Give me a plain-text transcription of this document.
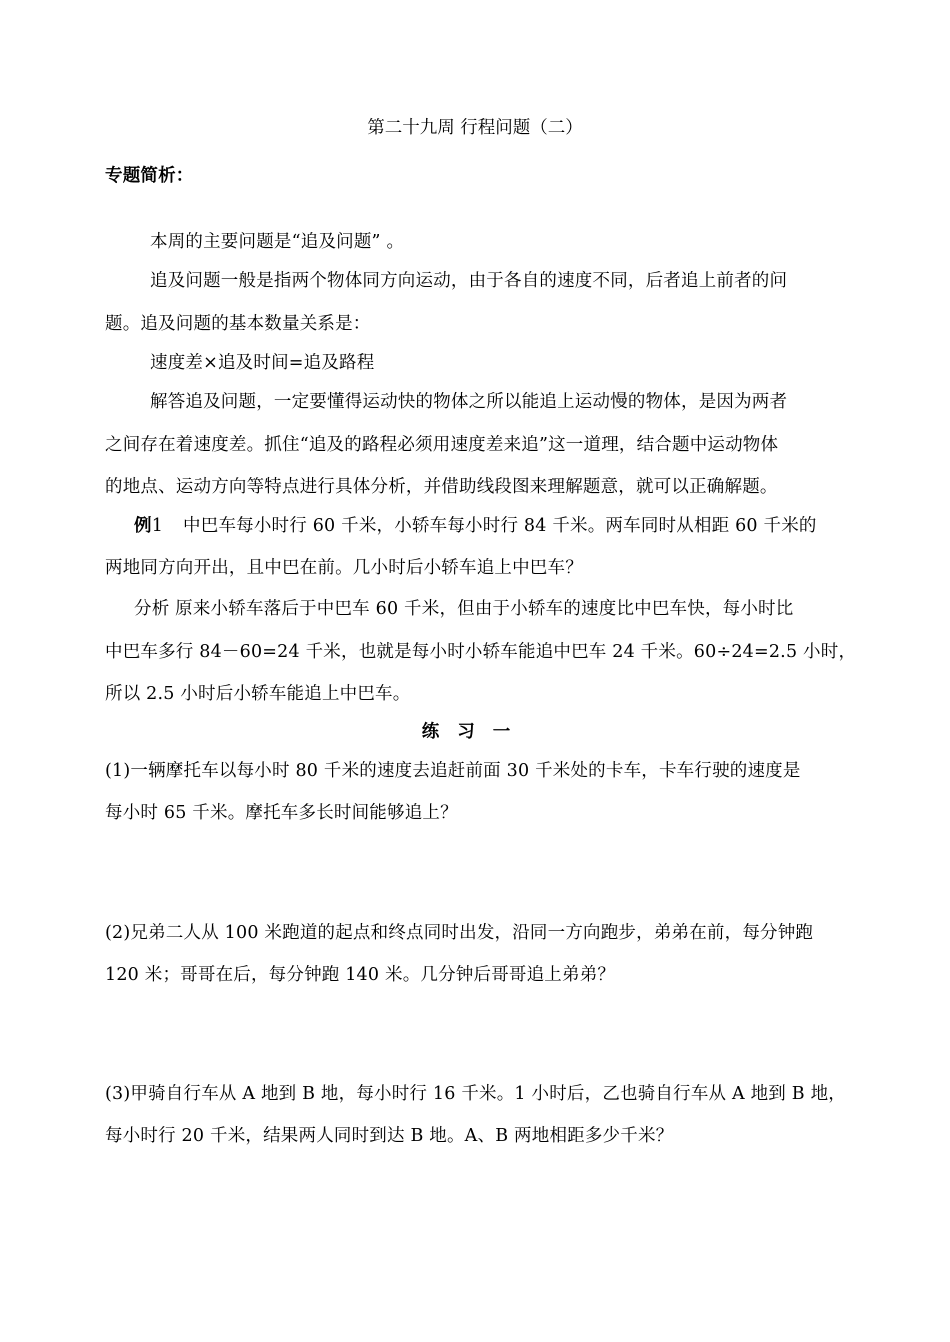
第二十九周 行程问题（二）
专题简析：
本周的主要问题是“追及问题” 。
追及问题一般是指两个物体同方向运动，由于各自的速度不同，后者追上前者的问
题。追及问题的基本数量关系是：
速度差×追及时间=追及路程
解答追及问题，一定要懂得运动快的物体之所以能追上运动慢的物体，是因为两者
之间存在着速度差。抓住“追及的路程必须用速度差来追”这一道理，结合题中运动物体
的地点、运动方向等特点进行具体分析，并借助线段图来理解题意，就可以正确解题。
例1 中巴车每小时行 60 千米，小轿车每小时行 84 千米。两车同时从相距 60 千米的
两地同方向开出，且中巴在前。几小时后小轿车追上中巴车？
分析 原来小轿车落后于中巴车 60 千米，但由于小轿车的速度比中巴车快，每小时比
中巴车多行 84－60=24 千米，也就是每小时小轿车能追中巴车 24 千米。60÷24=2.5 小时，
所以 2.5 小时后小轿车能追上中巴车。
练习一
(1)一辆摩托车以每小时 80 千米的速度去追赶前面 30 千米处的卡车，卡车行驶的速度是
每小时 65 千米。摩托车多长时间能够追上？
(2)兄弟二人从 100 米跑道的起点和终点同时出发，沿同一方向跑步，弟弟在前，每分钟跑
120 米；哥哥在后，每分钟跑 140 米。几分钟后哥哥追上弟弟？
(3)甲骑自行车从 A 地到 B 地，每小时行 16 千米。1 小时后，乙也骑自行车从 A 地到 B 地，
每小时行 20 千米，结果两人同时到达 B 地。A、B 两地相距多少千米？
